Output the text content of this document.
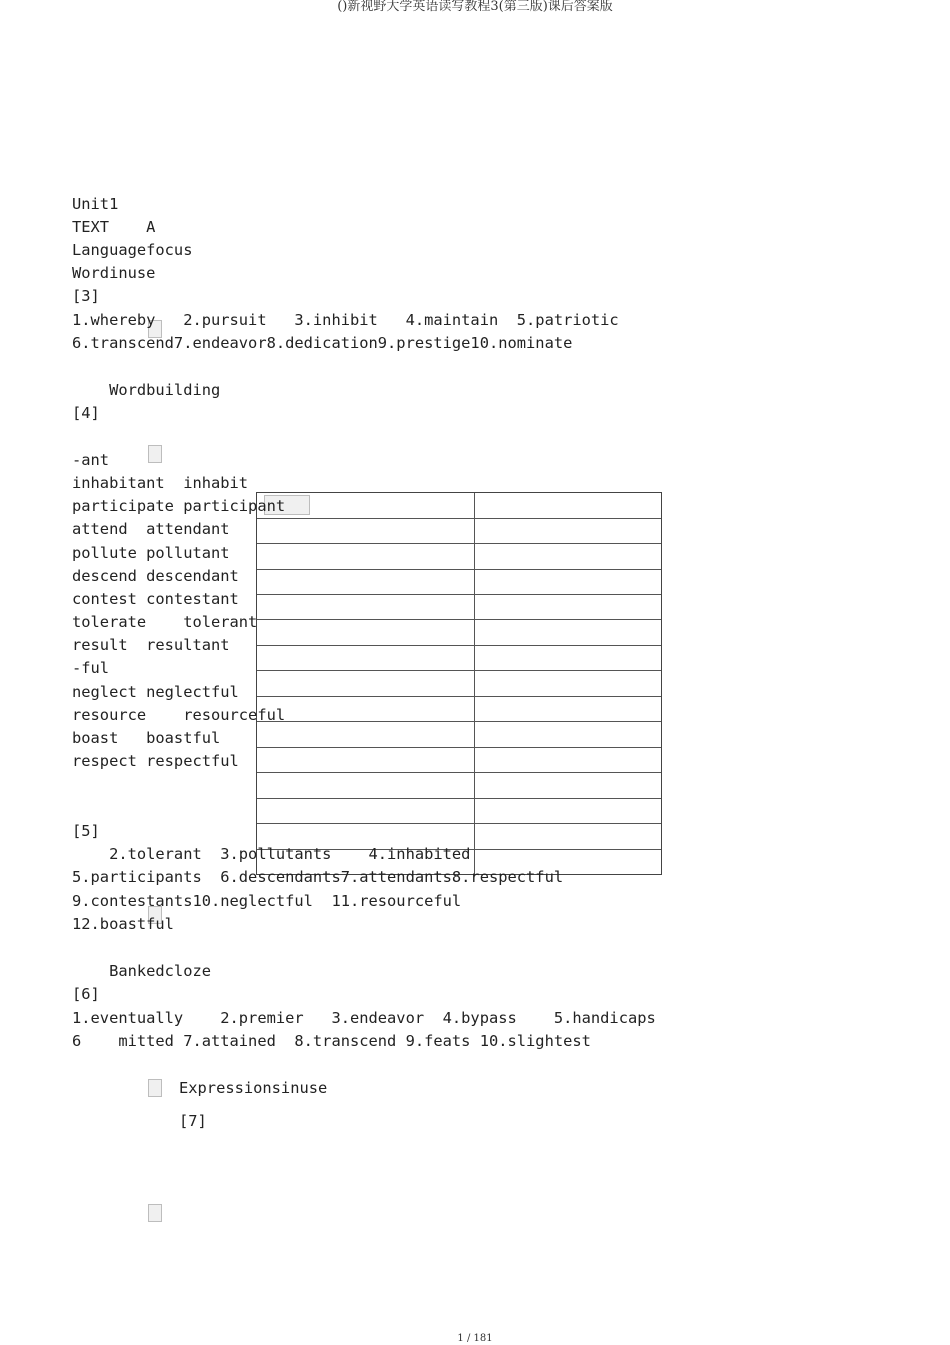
()新视野大学英语读写教程3(第三版)课后答案版
Unit1
TEXT    A
Languagefocus
Wordinuse
[3]
1.whereby   2.pursuit   3.inhibit   4.maintain  5.patriotic
6.transcend7.endeavor8.dedication9.prestige10.nominate
Wordbuilding
[4]
-ant
inhabitant  inhabit
participate participant
attend  attendant
pollute pollutant
descend descendant
contest contestant
tolerate    tolerant
result  resultant
-ful
neglect neglectful
resource    resourceful
boast   boastful
respect respectful
[5]
2.tolerant  3.pollutants    4.inhabited
5.participants  6.descendants7.attendants8.respectful
9.contestants10.neglectful  11.resourceful
12.boastful
Bankedcloze
[6]
1.eventually    2.premier   3.endeavor  4.bypass    5.handicaps
6    mitted 7.attained  8.transcend 9.feats 10.slightest
Expressionsinuse
[7]
1 / 181
